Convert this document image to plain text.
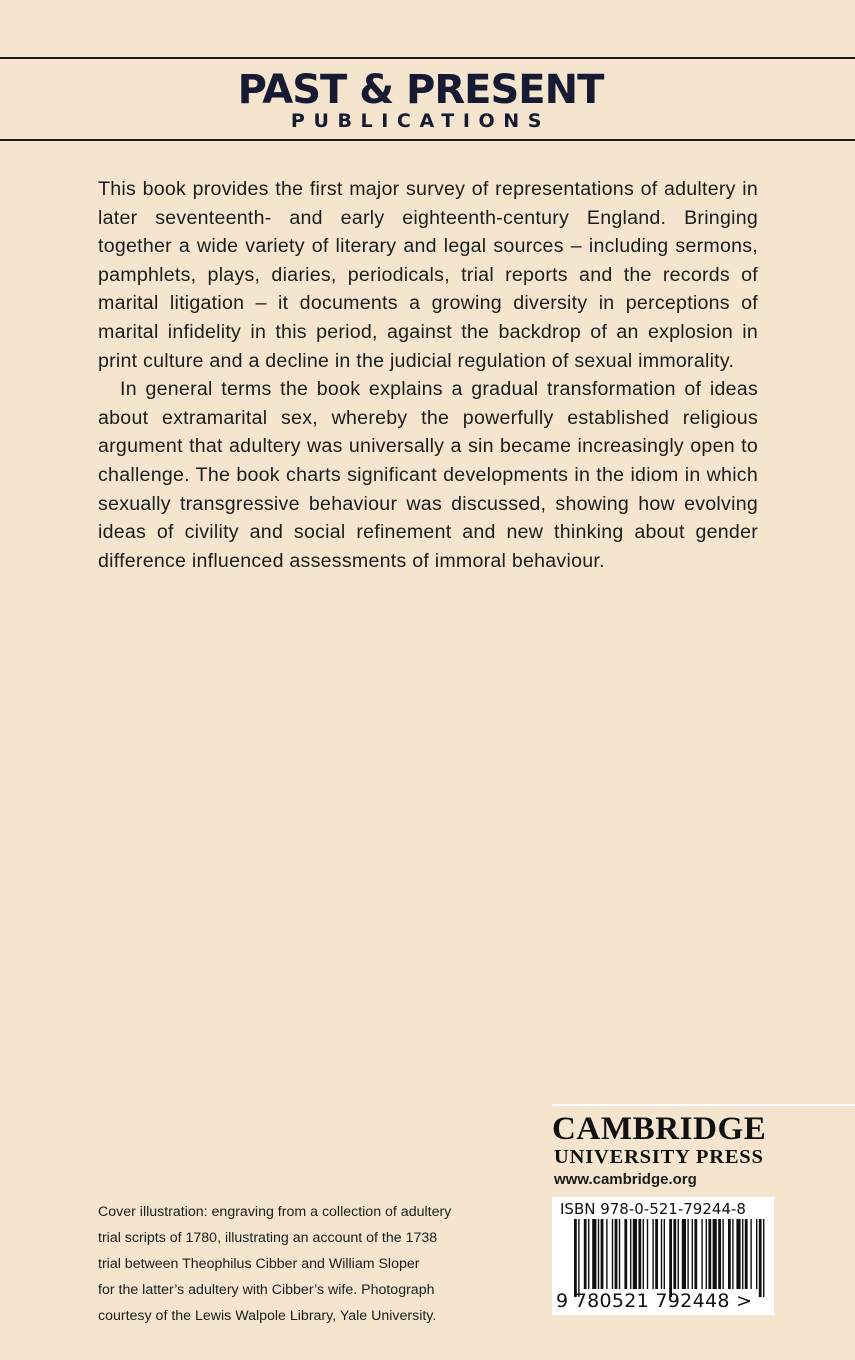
PAST & PRESENT
PUBLICATIONS

This book provides the first major survey of representations of adultery in later seventeenth- and early eighteenth-century England. Bringing together a wide variety of literary and legal sources – including sermons, pamphlets, plays, diaries, periodicals, trial reports and the records of marital litigation – it documents a growing diversity in perceptions of marital infidelity in this period, against the backdrop of an explosion in print culture and a decline in the judicial regulation of sexual immorality.

In general terms the book explains a gradual transformation of ideas about extramarital sex, whereby the powerfully established religious argument that adultery was universally a sin became increasingly open to challenge. The book charts significant developments in the idiom in which sexually transgressive behaviour was discussed, showing how evolving ideas of civility and social refinement and new thinking about gender difference influenced assessments of immoral behaviour.

Cover illustration: engraving from a collection of adultery
trial scripts of 1780, illustrating an account of the 1738
trial between Theophilus Cibber and William Sloper
for the latter’s adultery with Cibber’s wife. Photograph
courtesy of the Lewis Walpole Library, Yale University.
CAMBRIDGE
UNIVERSITY PRESS
www.cambridge.org
ISBN 978-0-521-79244-8
9 780521 792448 >
